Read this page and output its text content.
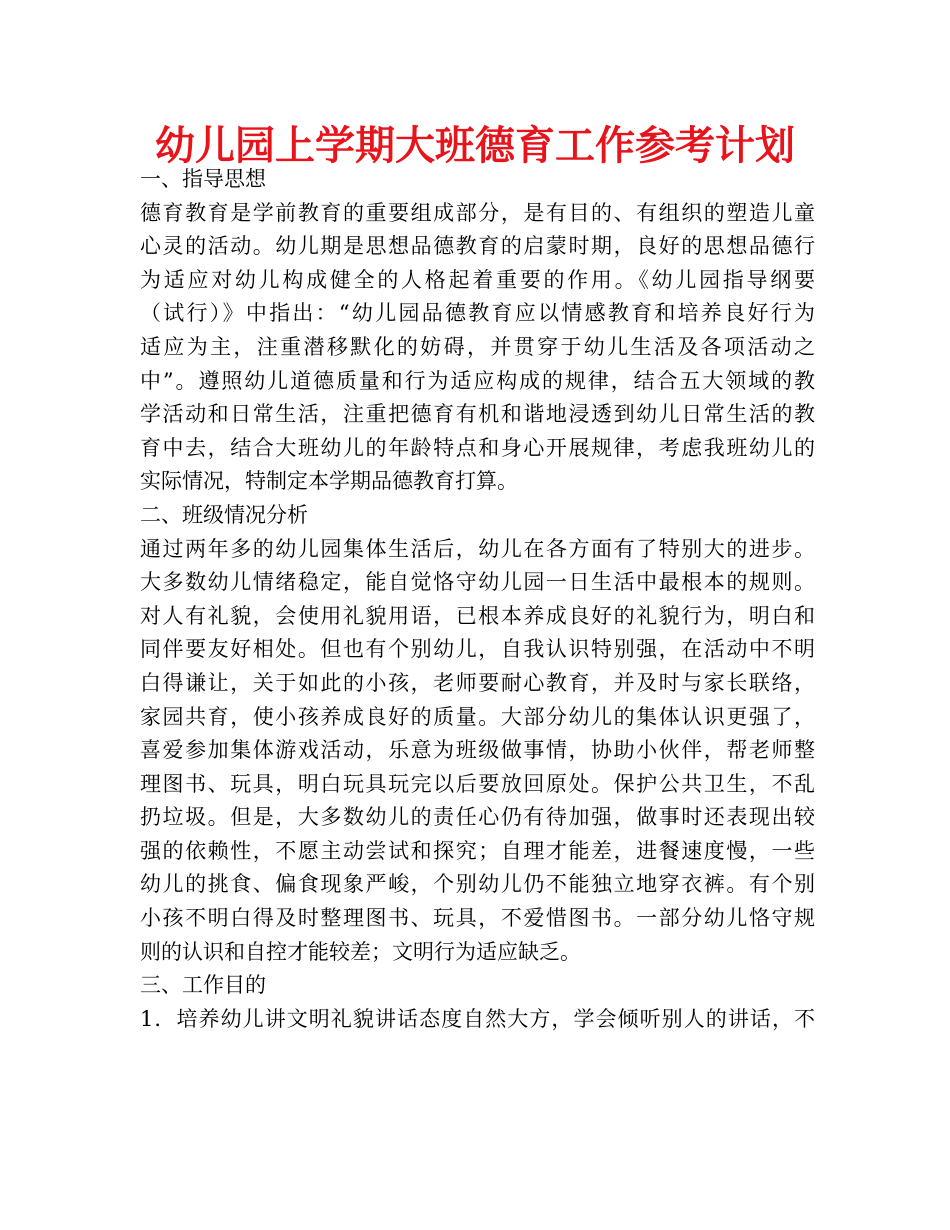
幼儿园上学期大班德育工作参考计划
一、指导思想
德育教育是学前教育的重要组成部分，是有目的、有组织的塑造儿童
心灵的活动。幼儿期是思想品德教育的启蒙时期，良好的思想品德行
为适应对幼儿构成健全的人格起着重要的作用。《幼儿园指导纲要
（试行）》中指出：“幼儿园品德教育应以情感教育和培养良好行为
适应为主，注重潜移默化的妨碍，并贯穿于幼儿生活及各项活动之
中”。遵照幼儿道德质量和行为适应构成的规律，结合五大领域的教
学活动和日常生活，注重把德育有机和谐地浸透到幼儿日常生活的教
育中去，结合大班幼儿的年龄特点和身心开展规律，考虑我班幼儿的
实际情况，特制定本学期品德教育打算。
二、班级情况分析
通过两年多的幼儿园集体生活后，幼儿在各方面有了特别大的进步。
大多数幼儿情绪稳定，能自觉恪守幼儿园一日生活中最根本的规则。
对人有礼貌，会使用礼貌用语，已根本养成良好的礼貌行为，明白和
同伴要友好相处。但也有个别幼儿，自我认识特别强，在活动中不明
白得谦让，关于如此的小孩，老师要耐心教育，并及时与家长联络，
家园共育，使小孩养成良好的质量。大部分幼儿的集体认识更强了，
喜爱参加集体游戏活动，乐意为班级做事情，协助小伙伴，帮老师整
理图书、玩具，明白玩具玩完以后要放回原处。保护公共卫生，不乱
扔垃圾。但是，大多数幼儿的责任心仍有待加强，做事时还表现出较
强的依赖性，不愿主动尝试和探究；自理才能差，进餐速度慢，一些
幼儿的挑食、偏食现象严峻，个别幼儿仍不能独立地穿衣裤。有个别
小孩不明白得及时整理图书、玩具，不爱惜图书。一部分幼儿恪守规
则的认识和自控才能较差；文明行为适应缺乏。
三、工作目的
1．培养幼儿讲文明礼貌讲话态度自然大方，学会倾听别人的讲话，不
